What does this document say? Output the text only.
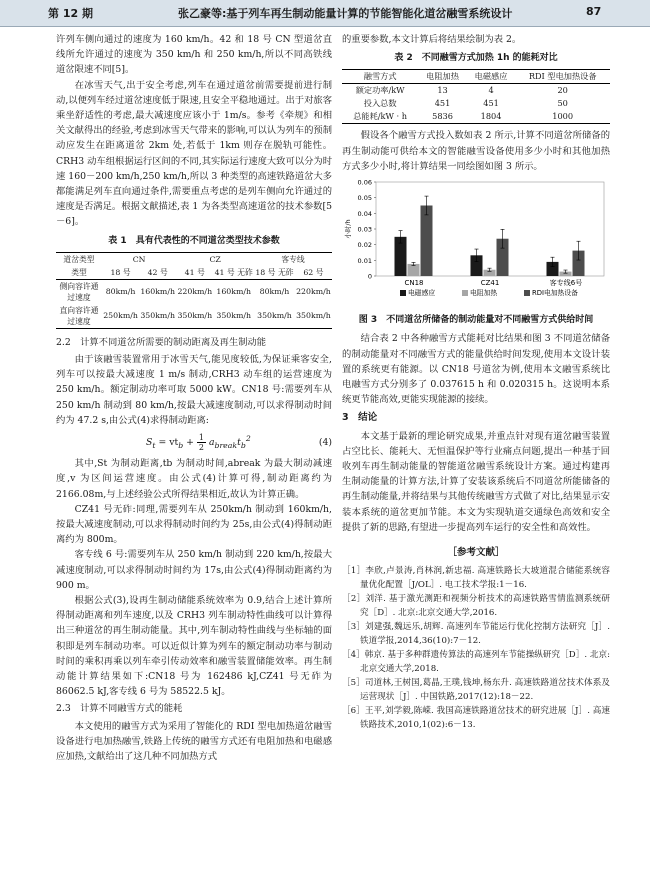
第 12 期	张乙豪等:基于列车再生制动能量计算的节能智能化道岔融雪系统设计	87

许列车侧向通过的速度为 160 km/h。42 和 18 号 CN 型道岔直线所允许通过的速度为 350 km/h 和 250 km/h,所以不同高铁线道岔限速不同[5]。

在冰雪天气,出于安全考虑,列车在通过道岔前需要提前进行制动,以便列车经过道岔速度低于限速,且安全平稳地通过。出于对旅客乘坐舒适性的考虑,最大减速度应该小于 1m/s。参考《牵规》和相关文献得出的经验,考虑到冰雪天气带来的影响,可以认为列车的预制动应发生在距离道岔 2km 处,若低于 1km 则存在脱轨可能性。CRH3 动车组根据运行区间的不同,其实际运行速度大致可以分为时速 160－200 km/h,250 km/h,所以 3 种类型的高速铁路道岔大多都能满足列车直向通过条件,需要重点考虑的是列车侧向允许通过的速度是否满足。根据文献描述,表 1 为各类型高速道岔的技术参数[5－6]。

表 1　具有代表性的不同道岔类型技术参数
道岔类型	CN		CZ		客专线	
类型	18 号	42 号	41 号	41 号 无砟	18 号 无砟	62 号
侧向容许通过速度	80km/h	160km/h	220km/h	160km/h	80km/h	220km/h
直向容许通过速度	250km/h	350km/h	350km/h	350km/h	350km/h	350km/h
2.2　计算不同道岔所需要的制动距离及再生制动能

由于该融雪装置常用于冰雪天气,能见度较低,为保证乘客安全,列车可以按最大减速度 1 m/s 制动,CRH3 动车组的运营速度为 250 km/h。额定制动功率可取 5000 kW。CN18 号:需要列车从 250 km/h 制动到 80 km/h,按最大减速度制动,可以求得制动时间约为 47.2 s,由公式(4)求得制动距离:

$S_t = vt_b + \frac{1}{2} a_{break}t_b^2$	(4)

其中,St 为制动距离,tb 为制动时间,abreak 为最大制动减速度,v 为区间运营速度。由公式(4)计算可得,制动距离约为 2166.08m,与上述经验公式所得结果相近,故认为计算正确。

CZ41 号无砟:同理,需要列车从 250km/h 制动到 160km/h,按最大减速度制动,可以求得制动时间约为 25s,由公式(4)得制动距离约为 800m。

客专线 6 号:需要列车从 250 km/h 制动到 220 km/h,按最大减速度制动,可以求得制动时间约为 17s,由公式(4)得制动距离约为 900 m。

根据公式(3),设再生制动储能系统效率为 0.9,结合上述计算所得制动距离和列车速度,以及 CRH3 列车制动特性曲线可以计算得出三种道岔的再生制动能量。其中,列车制动特性曲线与坐标轴的面积即是列车制动功率。可以近似计算为列车的额定制动功率与制动时间的乘积再乘以列车牵引传动效率和融雪装置储能效率。再生制动能计算结果如下:CN18 号为 162486 kJ,CZ41 号无砟为 86062.5 kJ,客专线 6 号为 58522.5 kJ。

2.3　计算不同融雪方式的能耗

本文使用的融雪方式为采用了智能化的 RDI 型电加热道岔融雪设备进行电加热融雪,铁路上传统的融雪方式还有电阻加热和电磁感应加热,文献给出了这几种不同加热方式

的重要参数,本文计算后将结果绘制为表 2。

表 2　不同融雪方式加热 1h 的能耗对比
融雪方式	电阻加热	电磁感应	RDI 型电加热设备
额定功率/kW	13	4	20
投入总数	451	451	50
总能耗/kW · h	5836	1804	1000

假设各个融雪方式投入数如表 2 所示,计算不同道岔所储备的再生制动能可供给本文的智能融雪设备使用多少小时和其他加热方式多少小时,将计算结果一同绘图如图 3 所示。

0
0.01
0.02
0.03
0.04
0.05
0.06
小时/h
CN18	CZ41	客专线6号
电磁感应	电阻加热	RDI电加热设备
图 3　不同道岔所储备的制动能量对不同融雪方式供给时间

结合表 2 中各种融雪方式能耗对比结果和图 3 不同道岔储备的制动能量对不同融雪方式的能量供给时间发现,使用本文设计装置的系统更有能源。以 CN18 号道岔为例,使用本文融雪系统比电融雪方式分别多了 0.037615 h 和 0.020315 h。这说明本系统更节能高效,更能实现能源的接续。

3　结论

本文基于最新的理论研究成果,并重点针对现有道岔融雪装置占空比长、能耗大、无恒温保护等行业痛点问题,提出一种基于回收列车再生制动能量的智能道岔融雪系统设计方案。通过构建再生制动能量的计算方法,计算了安装该系统后不同道岔所能储备的再生制动能量,并将结果与其他传统融雪方式做了对比,结果显示安装本系统的道岔更加节能。本文为实现轨道交通绿色高效和安全提供了新的思路,有望进一步提高列车运行的安全性和高效性。

［参考文献］
［1］李欣,卢景涛,肖林润,新忠福. 高速铁路长大坡道混合储能系统容量优化配置［J/OL］. 电工技术学报:1－16.
［2］刘洋. 基于激光测距和视频分析技术的高速铁路雪情监测系统研究［D］. 北京:北京交通大学,2016.
［3］刘建强,魏远乐,胡辉. 高速列车节能运行优化控制方法研究［J］. 铁道学报,2014,36(10):7－12.
［4］韩京. 基于多种群遗传算法的高速列车节能操纵研究［D］. 北京:北京交通大学,2018.
［5］司道林,王树国,葛晶,王璞,钱坤,杨东升. 高速铁路道岔技术体系及运营现状［J］. 中国铁路,2017(12):18－22.
［6］王平,刘学毅,陈嵘. 我国高速铁路道岔技术的研究进展［J］. 高速铁路技术,2010,1(02):6－13.
